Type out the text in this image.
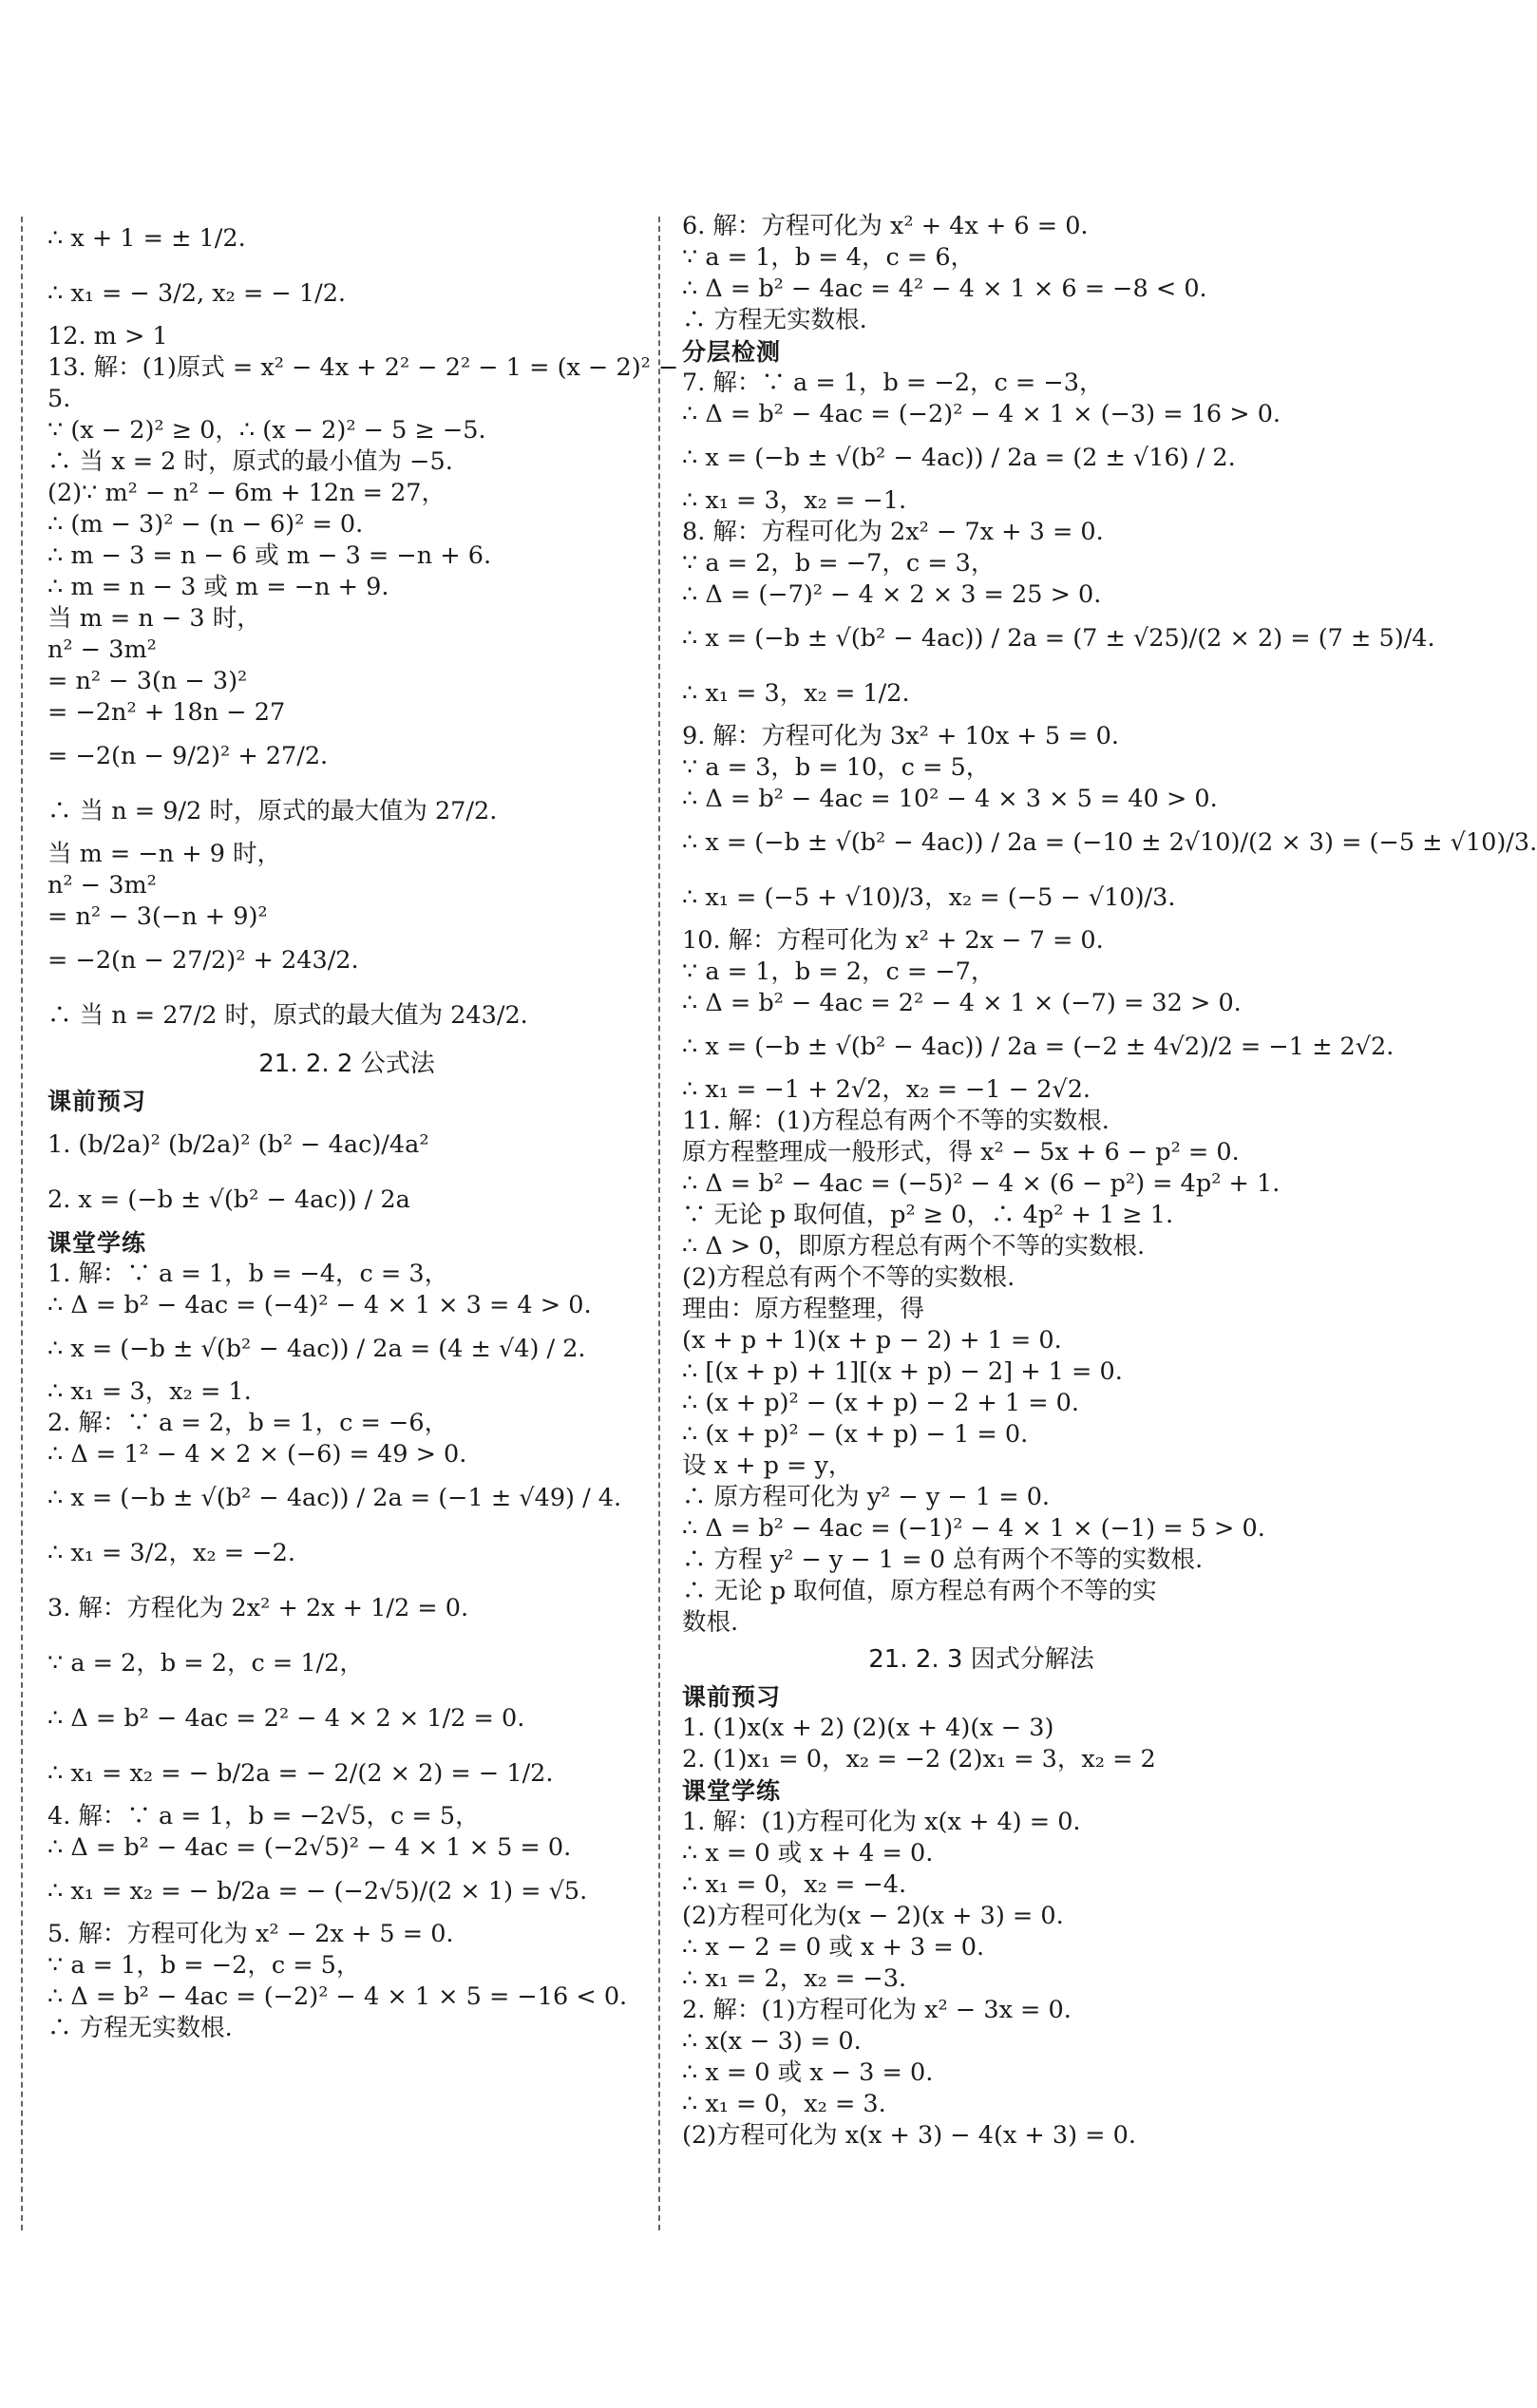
∴ x + 1 = ± 1/2.
∴ x₁ = − 3/2, x₂ = − 1/2.
12. m > 1
13. 解：(1)原式 = x² − 4x + 2² − 2² − 1 = (x − 2)² −
5.
∵ (x − 2)² ≥ 0，∴ (x − 2)² − 5 ≥ −5.
∴ 当 x = 2 时，原式的最小值为 −5.
(2)∵ m² − n² − 6m + 12n = 27，
∴ (m − 3)² − (n − 6)² = 0.
∴ m − 3 = n − 6 或 m − 3 = −n + 6.
∴ m = n − 3 或 m = −n + 9.
当 m = n − 3 时，
n² − 3m²
= n² − 3(n − 3)²
= −2n² + 18n − 27
= −2(n − 9/2)² + 27/2.
∴ 当 n = 9/2 时，原式的最大值为 27/2.
当 m = −n + 9 时，
n² − 3m²
= n² − 3(−n + 9)²
= −2(n − 27/2)² + 243/2.
∴ 当 n = 27/2 时，原式的最大值为 243/2.
21. 2. 2 公式法
课前预习
1. (b/2a)² (b/2a)² (b² − 4ac)/4a²
2. x = (−b ± √(b² − 4ac)) / 2a
课堂学练
1. 解：∵ a = 1，b = −4，c = 3，
∴ Δ = b² − 4ac = (−4)² − 4 × 1 × 3 = 4 > 0.
∴ x = (−b ± √(b² − 4ac)) / 2a = (4 ± √4) / 2.
∴ x₁ = 3，x₂ = 1.
2. 解：∵ a = 2，b = 1，c = −6，
∴ Δ = 1² − 4 × 2 × (−6) = 49 > 0.
∴ x = (−b ± √(b² − 4ac)) / 2a = (−1 ± √49) / 4.
∴ x₁ = 3/2，x₂ = −2.
3. 解：方程化为 2x² + 2x + 1/2 = 0.
∵ a = 2，b = 2，c = 1/2，
∴ Δ = b² − 4ac = 2² − 4 × 2 × 1/2 = 0.
∴ x₁ = x₂ = − b/2a = − 2/(2 × 2) = − 1/2.
4. 解：∵ a = 1，b = −2√5，c = 5，
∴ Δ = b² − 4ac = (−2√5)² − 4 × 1 × 5 = 0.
∴ x₁ = x₂ = − b/2a = − (−2√5)/(2 × 1) = √5.
5. 解：方程可化为 x² − 2x + 5 = 0.
∵ a = 1，b = −2，c = 5，
∴ Δ = b² − 4ac = (−2)² − 4 × 1 × 5 = −16 < 0.
∴ 方程无实数根.
6. 解：方程可化为 x² + 4x + 6 = 0.
∵ a = 1，b = 4，c = 6，
∴ Δ = b² − 4ac = 4² − 4 × 1 × 6 = −8 < 0.
∴ 方程无实数根.
分层检测
7. 解：∵ a = 1，b = −2，c = −3，
∴ Δ = b² − 4ac = (−2)² − 4 × 1 × (−3) = 16 > 0.
∴ x = (−b ± √(b² − 4ac)) / 2a = (2 ± √16) / 2.
∴ x₁ = 3，x₂ = −1.
8. 解：方程可化为 2x² − 7x + 3 = 0.
∵ a = 2，b = −7，c = 3，
∴ Δ = (−7)² − 4 × 2 × 3 = 25 > 0.
∴ x = (−b ± √(b² − 4ac)) / 2a = (7 ± √25)/(2 × 2) = (7 ± 5)/4.
∴ x₁ = 3，x₂ = 1/2.
9. 解：方程可化为 3x² + 10x + 5 = 0.
∵ a = 3，b = 10，c = 5，
∴ Δ = b² − 4ac = 10² − 4 × 3 × 5 = 40 > 0.
∴ x = (−b ± √(b² − 4ac)) / 2a = (−10 ± 2√10)/(2 × 3) = (−5 ± √10)/3.
∴ x₁ = (−5 + √10)/3，x₂ = (−5 − √10)/3.
10. 解：方程可化为 x² + 2x − 7 = 0.
∵ a = 1，b = 2，c = −7，
∴ Δ = b² − 4ac = 2² − 4 × 1 × (−7) = 32 > 0.
∴ x = (−b ± √(b² − 4ac)) / 2a = (−2 ± 4√2)/2 = −1 ± 2√2.
∴ x₁ = −1 + 2√2，x₂ = −1 − 2√2.
11. 解：(1)方程总有两个不等的实数根.
原方程整理成一般形式，得 x² − 5x + 6 − p² = 0.
∴ Δ = b² − 4ac = (−5)² − 4 × (6 − p²) = 4p² + 1.
∵ 无论 p 取何值，p² ≥ 0，∴ 4p² + 1 ≥ 1.
∴ Δ > 0，即原方程总有两个不等的实数根.
(2)方程总有两个不等的实数根.
理由：原方程整理，得
(x + p + 1)(x + p − 2) + 1 = 0.
∴ [(x + p) + 1][(x + p) − 2] + 1 = 0.
∴ (x + p)² − (x + p) − 2 + 1 = 0.
∴ (x + p)² − (x + p) − 1 = 0.
设 x + p = y，
∴ 原方程可化为 y² − y − 1 = 0.
∴ Δ = b² − 4ac = (−1)² − 4 × 1 × (−1) = 5 > 0.
∴ 方程 y² − y − 1 = 0 总有两个不等的实数根.
∴ 无论 p 取何值，原方程总有两个不等的实
数根.
21. 2. 3 因式分解法
课前预习
1. (1)x(x + 2) (2)(x + 4)(x − 3)
2. (1)x₁ = 0，x₂ = −2 (2)x₁ = 3，x₂ = 2
课堂学练
1. 解：(1)方程可化为 x(x + 4) = 0.
∴ x = 0 或 x + 4 = 0.
∴ x₁ = 0，x₂ = −4.
(2)方程可化为(x − 2)(x + 3) = 0.
∴ x − 2 = 0 或 x + 3 = 0.
∴ x₁ = 2，x₂ = −3.
2. 解：(1)方程可化为 x² − 3x = 0.
∴ x(x − 3) = 0.
∴ x = 0 或 x − 3 = 0.
∴ x₁ = 0，x₂ = 3.
(2)方程可化为 x(x + 3) − 4(x + 3) = 0.
